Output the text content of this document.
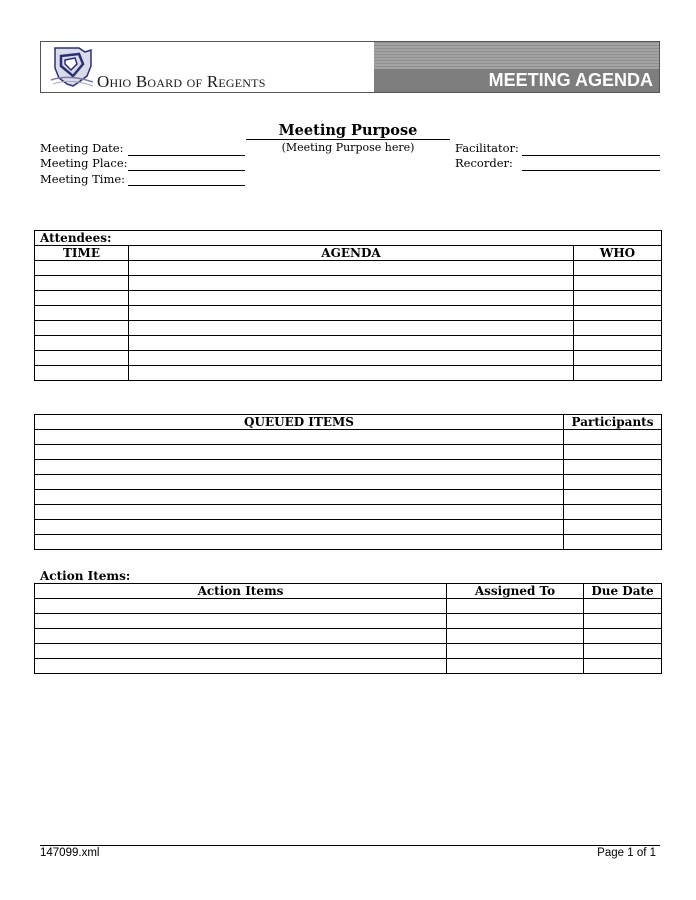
Ohio Board of Regents	MEETING AGENDA
Meeting Date:
Meeting Place:
Meeting Time:
Meeting Purpose
(Meeting Purpose here)	Facilitator:
Recorder:
Attendees:		
TIME	AGENDA	WHO

QUEUED ITEMS	Participants

Action Items:
Action Items	Assigned To	Due Date

147099.xml	Page 1 of 1
